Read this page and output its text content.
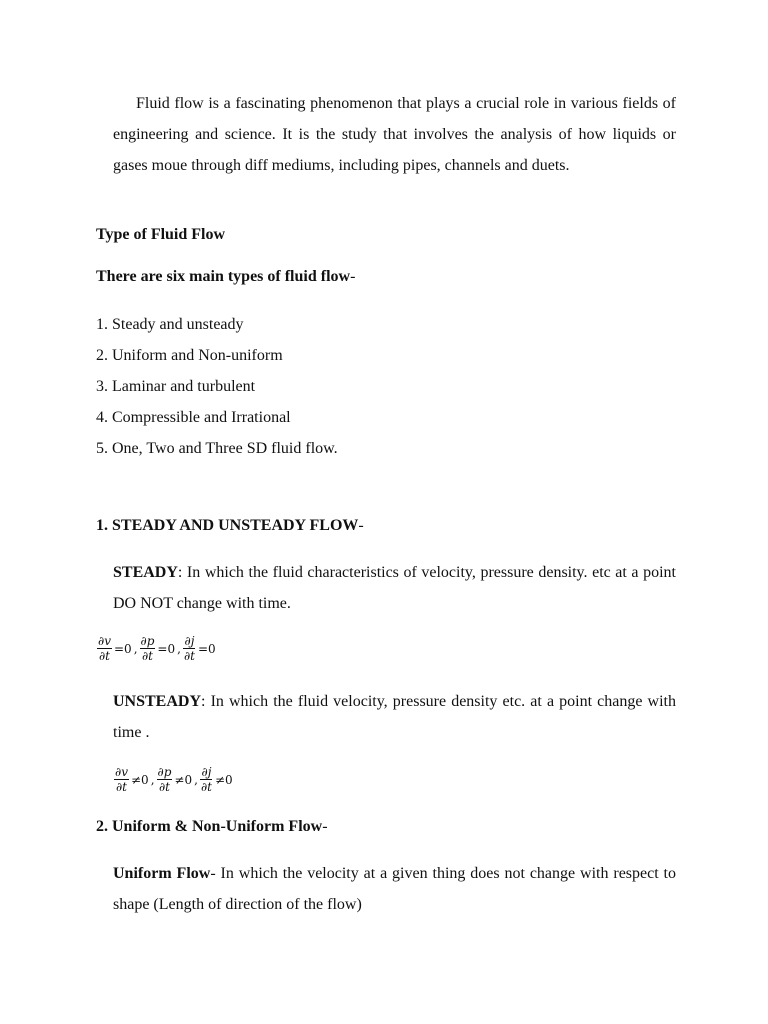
Fluid flow is a fascinating phenomenon that plays a crucial role in various fields of engineering and science. It is the study that involves the analysis of how liquids or gases moue through diff mediums, including pipes, channels and duets.

Type of Fluid Flow

There are six main types of fluid flow-

1. Steady and unsteady
2. Uniform and Non-uniform
3. Laminar and turbulent
4. Compressible and Irrational
5. One, Two and Three SD fluid flow.

1. STEADY AND UNSTEADY FLOW-

STEADY: In which the fluid characteristics of velocity, pressure density. etc at a point DO NOT change with time.

$\frac{\partial v}{\partial t} =0$ , $\frac{\partial p}{\partial t} =0$ , $\frac{\partial j}{\partial t} =0$

UNSTEADY: In which the fluid velocity, pressure density etc. at a point change with time .

$\frac{\partial v}{\partial t} \ne 0$ , $\frac{\partial p}{\partial t} \ne 0$ , $\frac{\partial j}{\partial t} \ne 0$

2. Uniform & Non-Uniform Flow-

Uniform Flow- In which the velocity at a given thing does not change with respect to shape (Length of direction of the flow)
